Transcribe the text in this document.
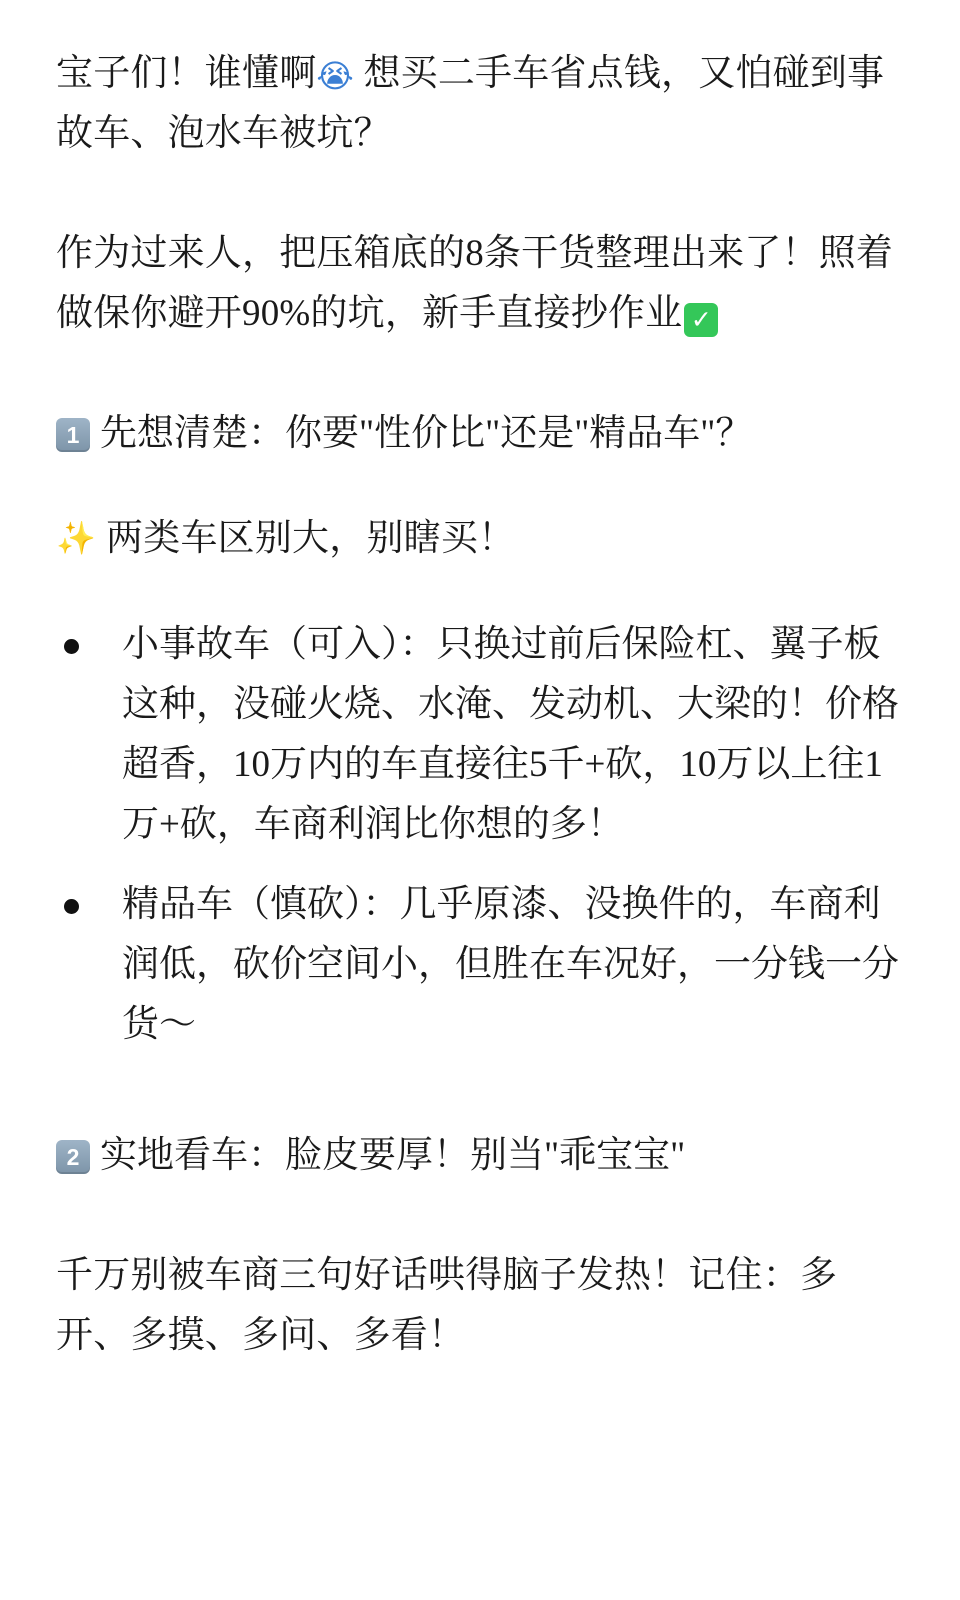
宝子们！谁懂啊😭 想买二手车省点钱，又怕碰到事故车、泡水车被坑？

作为过来人，把压箱底的8条干货整理出来了！照着做保你避开90%的坑，新手直接抄作业 ✓

1 先想清楚：你要"性价比"还是"精品车"？

✨ 两类车区别大，别瞎买！

小事故车（可入）：只换过前后保险杠、翼子板这种，没碰火烧、水淹、发动机、大梁的！价格超香，10万内的车直接往5千+砍，10万以上往1万+砍，车商利润比你想的多！
精品车（慎砍）：几乎原漆、没换件的，车商利润低，砍价空间小，但胜在车况好，一分钱一分货～

2 实地看车：脸皮要厚！别当"乖宝宝"

千万别被车商三句好话哄得脑子发热！记住：多开、多摸、多问、多看！
